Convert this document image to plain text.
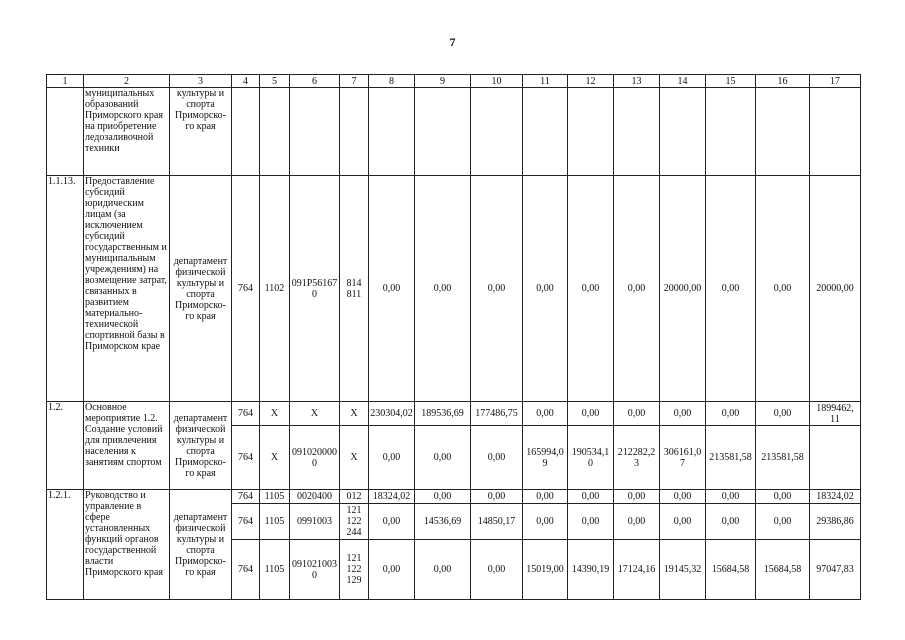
7
1	2	3	4	5	6	7	8	9	10	11	12	13	14	15	16	17
	муниципальных образований Приморского края на приобретение ледозаливочной техники	культуры и спорта Приморско-го края														
1.1.13.	Предоставление субсидий юридическим лицам (за исключением субсидий государственным и муниципальным учреждениям) на возмещение затрат, связанных в развитием материально-технической спортивной базы в Приморском крае	департамент физической культуры и спорта Приморско-го края	764	1102	091P56167 0	814 811	0,00	0,00	0,00	0,00	0,00	0,00	20000,00	0,00	0,00	20000,00
1.2.	Основное мероприятие 1.2. Создание условий для привлечения населения к занятиям спортом	департамент физической культуры и спорта Приморско-го края	764	X	X	X	230304,02	189536,69	177486,75	0,00	0,00	0,00	0,00	0,00	0,00	1899462, 11
			764	X	091020000 0	X	0,00	0,00	0,00	165994,0 9	190534,1 0	212282,2 3	306161,0 7	213581,58	213581,58	
1.2.1.	Руководство и управление в сфере установленных функций органов государственной власти Приморского края	департамент физической культуры и спорта Приморско-го края	764	1105	0020400	012	18324,02	0,00	0,00	0,00	0,00	0,00	0,00	0,00	0,00	18324,02
			764	1105	0991003	121 122 244	0,00	14536,69	14850,17	0,00	0,00	0,00	0,00	0,00	0,00	29386,86
			764	1105	091021003 0	121 122 129	0,00	0,00	0,00	15019,00	14390,19	17124,16	19145,32	15684,58	15684,58	97047,83
